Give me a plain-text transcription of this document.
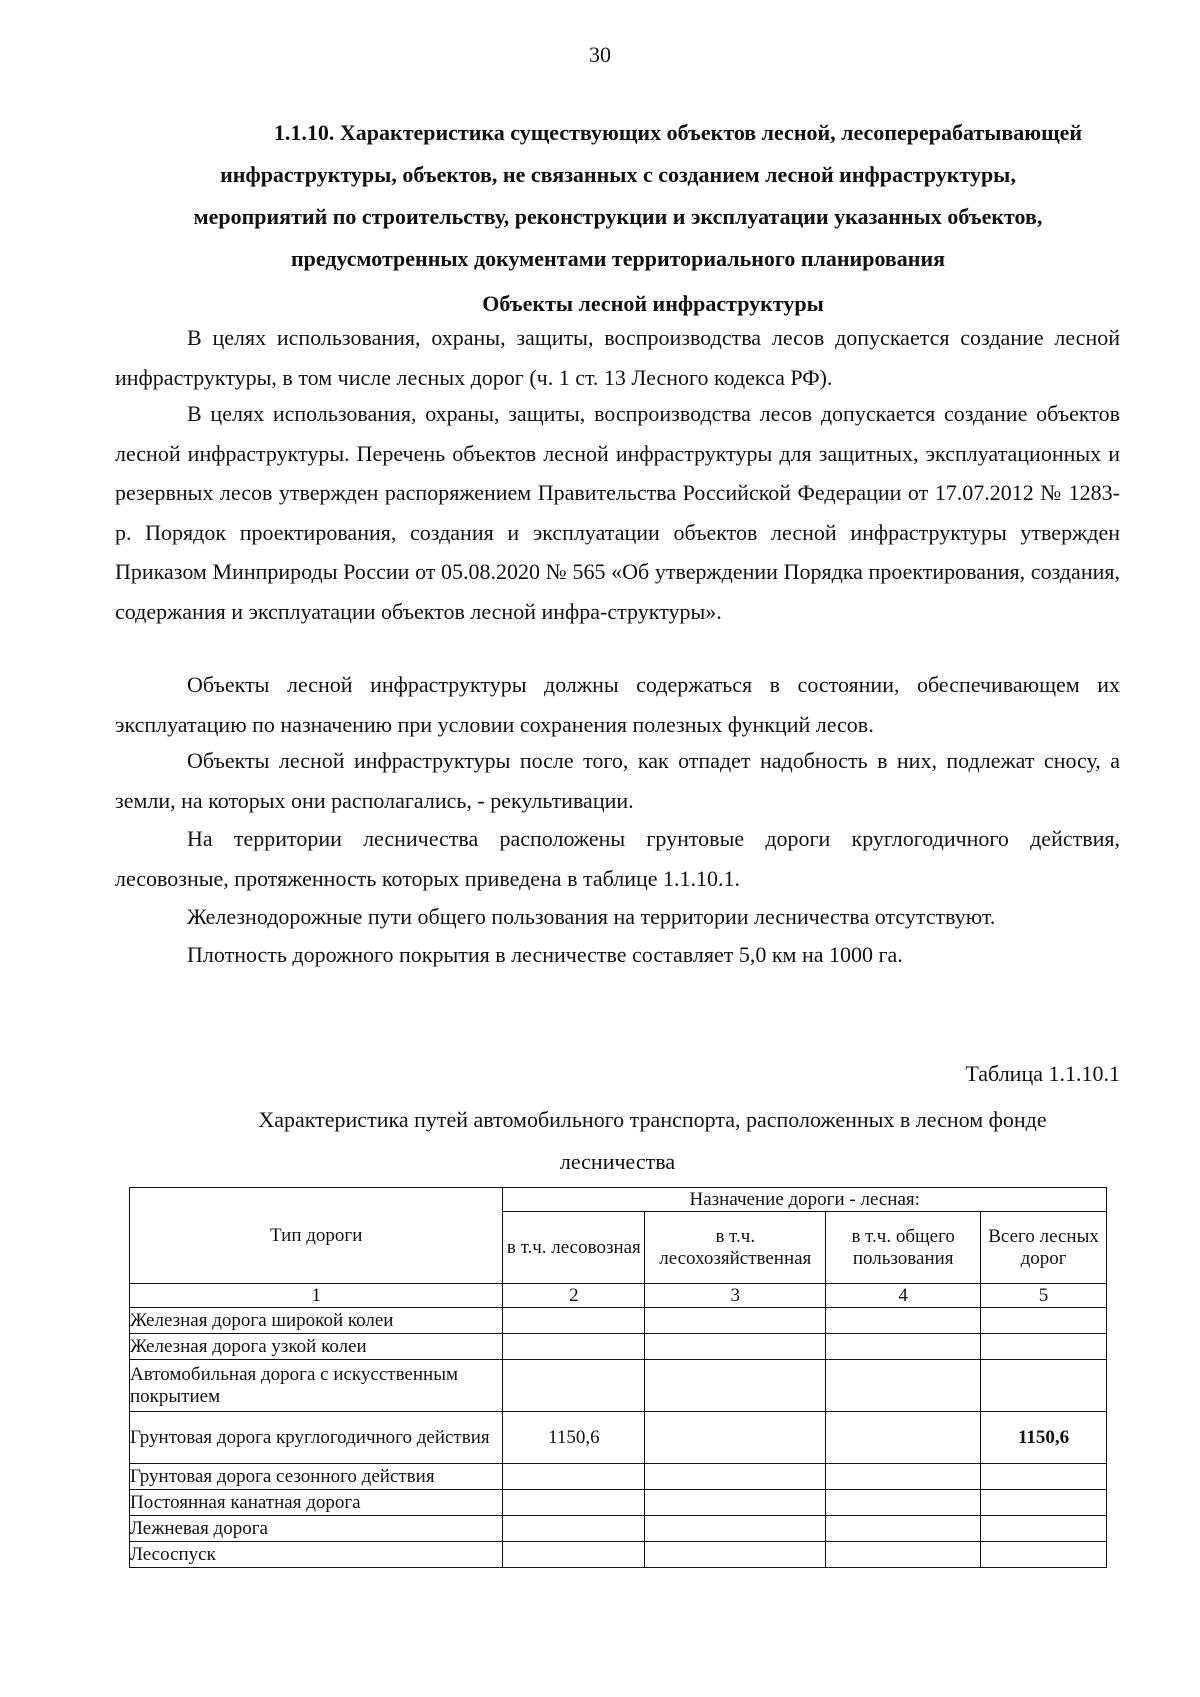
30
1.1.10. Характеристика существующих объектов лесной, лесоперерабатывающей
инфраструктуры, объектов, не связанных с созданием лесной инфраструктуры,
мероприятий по строительству, реконструкции и эксплуатации указанных объектов,
предусмотренных документами территориального планирования
Объекты лесной инфраструктуры

В целях использования, охраны, защиты, воспроизводства лесов допускается создание лесной инфраструктуры, в том числе лесных дорог (ч. 1 ст. 13 Лесного кодекса РФ).

В целях использования, охраны, защиты, воспроизводства лесов допускается создание объектов лесной инфраструктуры. Перечень объектов лесной инфраструктуры для защитных, эксплуатационных и резервных лесов утвержден распоряжением Правительства Российской Федерации от 17.07.2012 № 1283-р. Порядок проектирования, создания и эксплуатации объектов лесной инфраструктуры утвержден Приказом Минприроды России от 05.08.2020 № 565 «Об утверждении Порядка проектирования, создания, содержания и эксплуатации объектов лесной инфра-структуры».

Объекты лесной инфраструктуры должны содержаться в состоянии, обеспечивающем их эксплуатацию по назначению при условии сохранения полезных функций лесов.

Объекты лесной инфраструктуры после того, как отпадет надобность в них, подлежат сносу, а земли, на которых они располагались, - рекультивации.

На территории лесничества расположены грунтовые дороги круглогодичного действия, лесовозные, протяженность которых приведена в таблице 1.1.10.1.

Железнодорожные пути общего пользования на территории лесничества отсутствуют.

Плотность дорожного покрытия в лесничестве составляет 5,0 км на 1000 га.

Таблица 1.1.10.1
Характеристика путей автомобильного транспорта, расположенных в лесном фонде
лесничества
Тип дороги	Назначение дороги - лесная:			
	в т.ч. лесовозная	в т.ч. лесохозяйственная	в т.ч. общего пользования	Всего лесных дорог
1	2	3	4	5
Железная дорога широкой колеи				
Железная дорога узкой колеи				
Автомобильная дорога с искусственным покрытием				
Грунтовая дорога круглогодичного действия	1150,6			1150,6
Грунтовая дорога сезонного действия				
Постоянная канатная дорога				
Лежневая дорога				
Лесоспуск				
